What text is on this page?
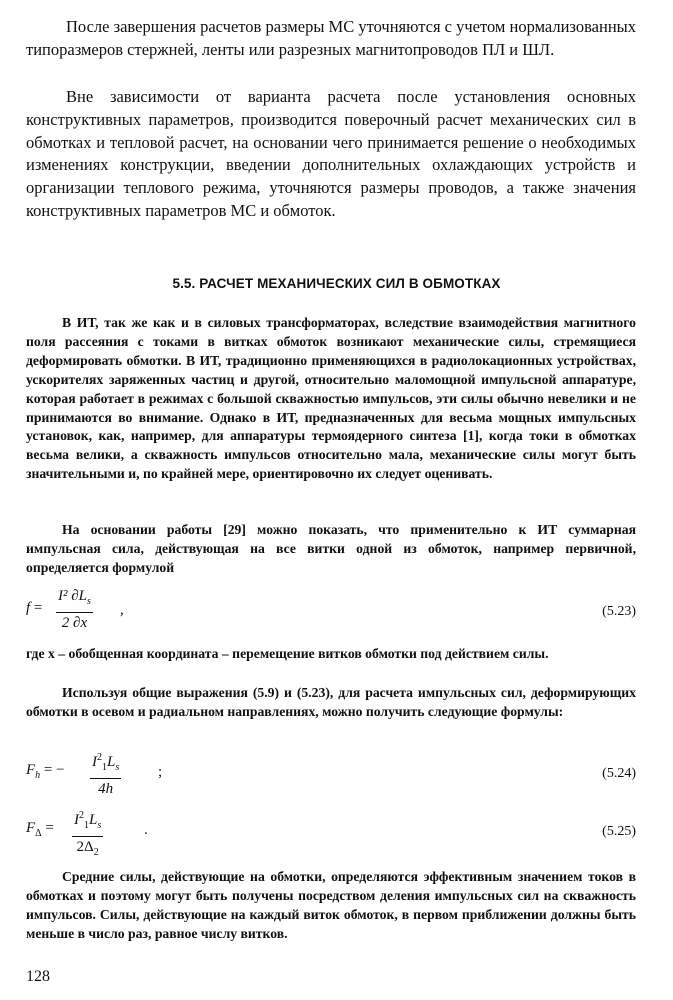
После завершения расчетов размеры МС уточняются с учетом нормализованных типоразмеров стержней, ленты или разрезных магнитопроводов ПЛ и ШЛ.

Вне зависимости от варианта расчета после установления основных конструктивных параметров, производится поверочный расчет механических сил в обмотках и тепловой расчет, на основании чего принимается решение о необходимых изменениях конструкции, введении дополнительных охлаждающих устройств и организации теплового режима, уточняются размеры проводов, а также значения конструктивных параметров МС и обмоток.

5.5. РАСЧЕТ МЕХАНИЧЕСКИХ СИЛ В ОБМОТКАХ

В ИТ, так же как и в силовых трансформаторах, вследствие взаимодействия магнитного поля рассеяния с токами в витках обмоток возникают механические силы, стремящиеся деформировать обмотки. В ИТ, традиционно применяющихся в радиолокационных устройствах, ускорителях заряженных частиц и другой, относительно маломощной импульсной аппаратуре, которая работает в режимах с большой скважностью импульсов, эти силы обычно невелики и не принимаются во внимание. Однако в ИТ, предназначенных для весьма мощных импульсных установок, как, например, для аппаратуры термоядерного синтеза [1], когда токи в обмотках весьма велики, а скважность импульсов относительно мала, механические силы могут быть значительными и, по крайней мере, ориентировочно их следует оценивать.

На основании работы [29] можно показать, что применительно к ИТ суммарная импульсная сила, действующая на все витки одной из обмоток, например первичной, определяется формулой

$f = \frac{I^2 \partial L_s}{2 \partial x}$ ,	(5.23)

где x – обобщенная координата – перемещение витков обмотки под действием силы.

Используя общие выражения (5.9) и (5.23), для расчета импульсных сил, деформирующих обмотки в осевом и радиальном направлениях, можно получить следующие формулы:

$F_h$ = − $\frac{I^2_1L_s}{4h}$ ;	(5.24)
$F_\Delta = \frac{I^2_1L_s}{2\Delta_2}$	.	(5.25)

Средние силы, действующие на обмотки, определяются эффективным значением токов в обмотках и поэтому могут быть получены посредством деления импульсных сил на скважность импульсов. Силы, действующие на каждый виток обмоток, в первом приближении должны быть меньше в число раз, равное числу витков.

128
